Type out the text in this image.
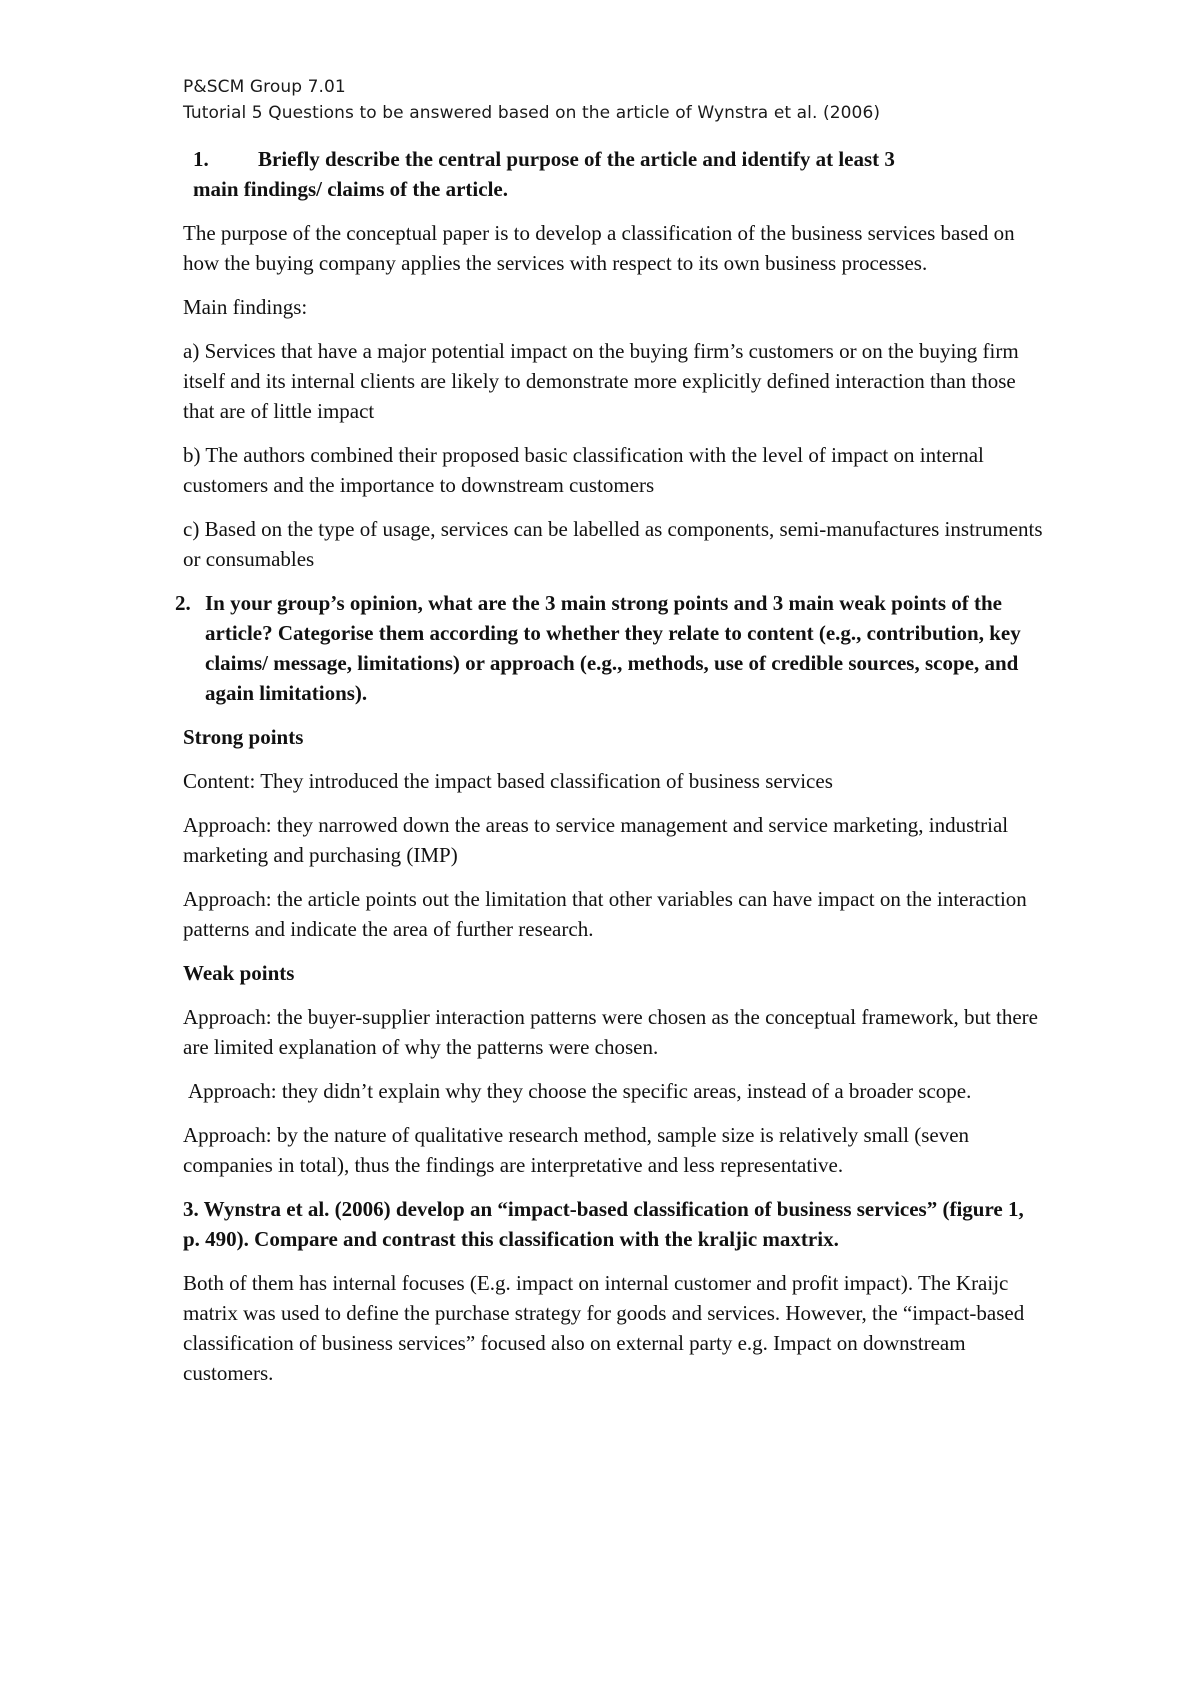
P&SCM Group 7.01
Tutorial 5 Questions to be answered based on the article of Wynstra et al. (2006)
1. Briefly describe the central purpose of the article and identify at least 3
main findings/ claims of the article.

The purpose of the conceptual paper is to develop a classification of the business services based on how the buying company applies the services with respect to its own business processes.

Main findings:

a) Services that have a major potential impact on the buying firm’s customers or on the buying firm itself and its internal clients are likely to demonstrate more explicitly defined interaction than those that are of little impact

b) The authors combined their proposed basic classification with the level of impact on internal customers and the importance to downstream customers

c) Based on the type of usage, services can be labelled as components, semi-manufactures instruments or consumables

2. In your group’s opinion, what are the 3 main strong points and 3 main weak points of the article? Categorise them according to whether they relate to content (e.g., contribution, key claims/ message, limitations) or approach (e.g., methods, use of credible sources, scope, and again limitations).

Strong points

Content: They introduced the impact based classification of business services

Approach: they narrowed down the areas to service management and service marketing, industrial marketing and purchasing (IMP)

Approach: the article points out the limitation that other variables can have impact on the interaction patterns and indicate the area of further research.

Weak points

Approach: the buyer-supplier interaction patterns were chosen as the conceptual framework, but there are limited explanation of why the patterns were chosen.

Approach: they didn’t explain why they choose the specific areas, instead of a broader scope.

Approach: by the nature of qualitative research method, sample size is relatively small (seven companies in total), thus the findings are interpretative and less representative.

3. Wynstra et al. (2006) develop an “impact-based classification of business services” (figure 1, p. 490). Compare and contrast this classification with the kraljic maxtrix.

Both of them has internal focuses (E.g. impact on internal customer and profit impact). The Kraijc matrix was used to define the purchase strategy for goods and services. However, the “impact-based classification of business services” focused also on external party e.g. Impact on downstream customers.
